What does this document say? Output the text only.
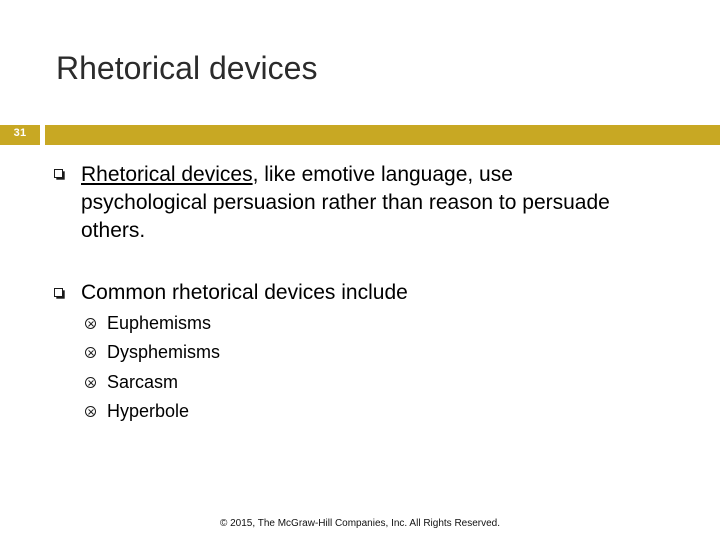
Rhetorical devices
31
Rhetorical devices, like emotive language, use psychological persuasion rather than reason to persuade others.
Common rhetorical devices include
Euphemisms
Dysphemisms
Sarcasm
Hyperbole
© 2015, The McGraw-Hill Companies, Inc. All Rights Reserved.
